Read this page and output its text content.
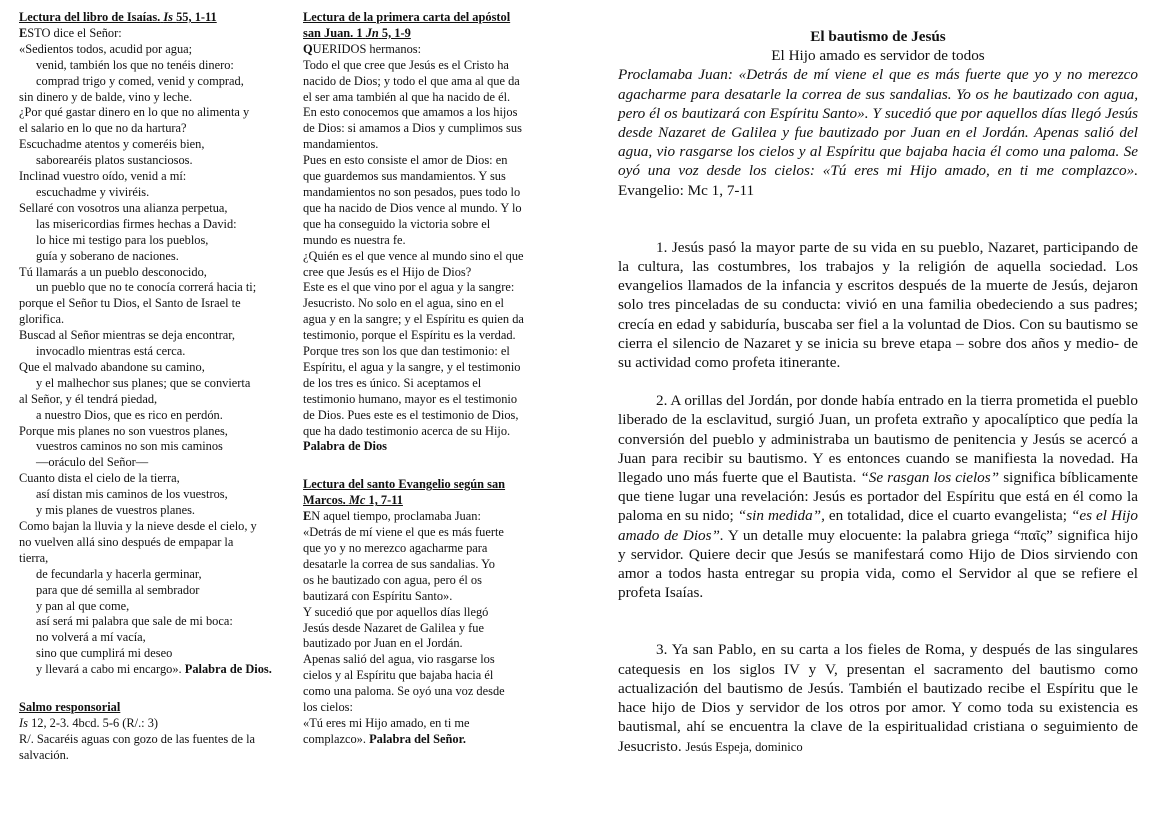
Lectura del libro de Isaías. Is 55, 1-11
ESTO dice el Señor:
«Sedientos todos, acudid por agua;
venid, también los que no tenéis dinero:
comprad trigo y comed, venid y comprad,
sin dinero y de balde, vino y leche.
¿Por qué gastar dinero en lo que no alimenta y
el salario en lo que no da hartura?
Escuchadme atentos y comeréis bien,
saborearéis platos sustanciosos.
Inclinad vuestro oído, venid a mí:
escuchadme y viviréis.
Sellaré con vosotros una alianza perpetua,
las misericordias firmes hechas a David:
lo hice mi testigo para los pueblos,
guía y soberano de naciones.
Tú llamarás a un pueblo desconocido,
un pueblo que no te conocía correrá hacia ti;
porque el Señor tu Dios, el Santo de Israel te
glorifica.
Buscad al Señor mientras se deja encontrar,
invocadlo mientras está cerca.
Que el malvado abandone su camino,
y el malhechor sus planes; que se convierta
al Señor, y él tendrá piedad,
a nuestro Dios, que es rico en perdón.
Porque mis planes no son vuestros planes,
vuestros caminos no son mis caminos
—oráculo del Señor—
Cuanto dista el cielo de la tierra,
así distan mis caminos de los vuestros,
y mis planes de vuestros planes.
Como bajan la lluvia y la nieve desde el cielo, y
no vuelven allá sino después de empapar la
tierra,
de fecundarla y hacerla germinar,
para que dé semilla al sembrador
y pan al que come,
así será mi palabra que sale de mi boca:
no volverá a mí vacía,
sino que cumplirá mi deseo
y llevará a cabo mi encargo». Palabra de Dios.
Salmo responsorial
Is 12, 2-3. 4bcd. 5-6 (R/.: 3)
R/. Sacaréis aguas con gozo de las fuentes de la salvación.
Lectura de la primera carta del apóstol
san Juan. 1 Jn 5, 1-9
QUERIDOS hermanos:
Todo el que cree que Jesús es el Cristo ha
nacido de Dios; y todo el que ama al que da
el ser ama también al que ha nacido de él.
En esto conocemos que amamos a los hijos
de Dios: si amamos a Dios y cumplimos sus
mandamientos.
Pues en esto consiste el amor de Dios: en
que guardemos sus mandamientos. Y sus
mandamientos no son pesados, pues todo lo
que ha nacido de Dios vence al mundo. Y lo
que ha conseguido la victoria sobre el
mundo es nuestra fe.
¿Quién es el que vence al mundo sino el que
cree que Jesús es el Hijo de Dios?
Este es el que vino por el agua y la sangre:
Jesucristo. No solo en el agua, sino en el
agua y en la sangre; y el Espíritu es quien da
testimonio, porque el Espíritu es la verdad.
Porque tres son los que dan testimonio: el
Espíritu, el agua y la sangre, y el testimonio
de los tres es único. Si aceptamos el
testimonio humano, mayor es el testimonio
de Dios. Pues este es el testimonio de Dios,
que ha dado testimonio acerca de su Hijo.
Palabra de Dios
Lectura del santo Evangelio según san
Marcos. Mc 1, 7-11
EN aquel tiempo, proclamaba Juan:
«Detrás de mí viene el que es más fuerte
que yo y no merezco agacharme para
desatarle la correa de sus sandalias. Yo
os he bautizado con agua, pero él os
bautizará con Espíritu Santo».
Y sucedió que por aquellos días llegó
Jesús desde Nazaret de Galilea y fue
bautizado por Juan en el Jordán.
Apenas salió del agua, vio rasgarse los
cielos y al Espíritu que bajaba hacia él
como una paloma. Se oyó una voz desde
los cielos:
«Tú eres mi Hijo amado, en ti me
complazco». Palabra del Señor.
El bautismo de Jesús
El Hijo amado es servidor de todos
Proclamaba Juan: «Detrás de mí viene el que es más fuerte que yo y no merezco agacharme para desatarle la correa de sus sandalias. Yo os he bautizado con agua, pero él os bautizará con Espíritu Santo». Y sucedió que por aquellos días llegó Jesús desde Nazaret de Galilea y fue bautizado por Juan en el Jordán. Apenas salió del agua, vio rasgarse los cielos y al Espíritu que bajaba hacia él como una paloma. Se oyó una voz desde los cielos: «Tú eres mi Hijo amado, en ti me complazco». Evangelio: Mc 1, 7-11
1. Jesús pasó la mayor parte de su vida en su pueblo, Nazaret, participando de la cultura, las costumbres, los trabajos y la religión de aquella sociedad. Los evangelios llamados de la infancia y escritos después de la muerte de Jesús, dejaron solo tres pinceladas de su conducta: vivió en una familia obedeciendo a sus padres; crecía en edad y sabiduría, buscaba ser fiel a la voluntad de Dios. Con su bautismo se cierra el silencio de Nazaret y se inicia su breve etapa – sobre dos años y medio- de su actividad como profeta itinerante.
2. A orillas del Jordán, por donde había entrado en la tierra prometida el pueblo liberado de la esclavitud, surgió Juan, un profeta extraño y apocalíptico que pedía la conversión del pueblo y administraba un bautismo de penitencia y Jesús se acercó a Juan para recibir su bautismo. Y es entonces cuando se manifiesta la novedad. Ha llegado uno más fuerte que el Bautista. “Se rasgan los cielos” significa bíblicamente que tiene lugar una revelación: Jesús es portador del Espíritu que está en él como la paloma en su nido; “sin medida”, en totalidad, dice el cuarto evangelista; “es el Hijo amado de Dios”. Y un detalle muy elocuente: la palabra griega “παῖς” significa hijo y servidor. Quiere decir que Jesús se manifestará como Hijo de Dios sirviendo con amor a todos hasta entregar su propia vida, como el Servidor al que se refiere el profeta Isaías.
3. Ya san Pablo, en su carta a los fieles de Roma, y después de las singulares catequesis en los siglos IV y V, presentan el sacramento del bautismo como actualización del bautismo de Jesús. También el bautizado recibe el Espíritu que le hace hijo de Dios y servidor de los otros por amor. Y como toda su existencia es bautismal, ahí se encuentra la clave de la espiritualidad cristiana o seguimiento de Jesucristo. Jesús Espeja, dominico
